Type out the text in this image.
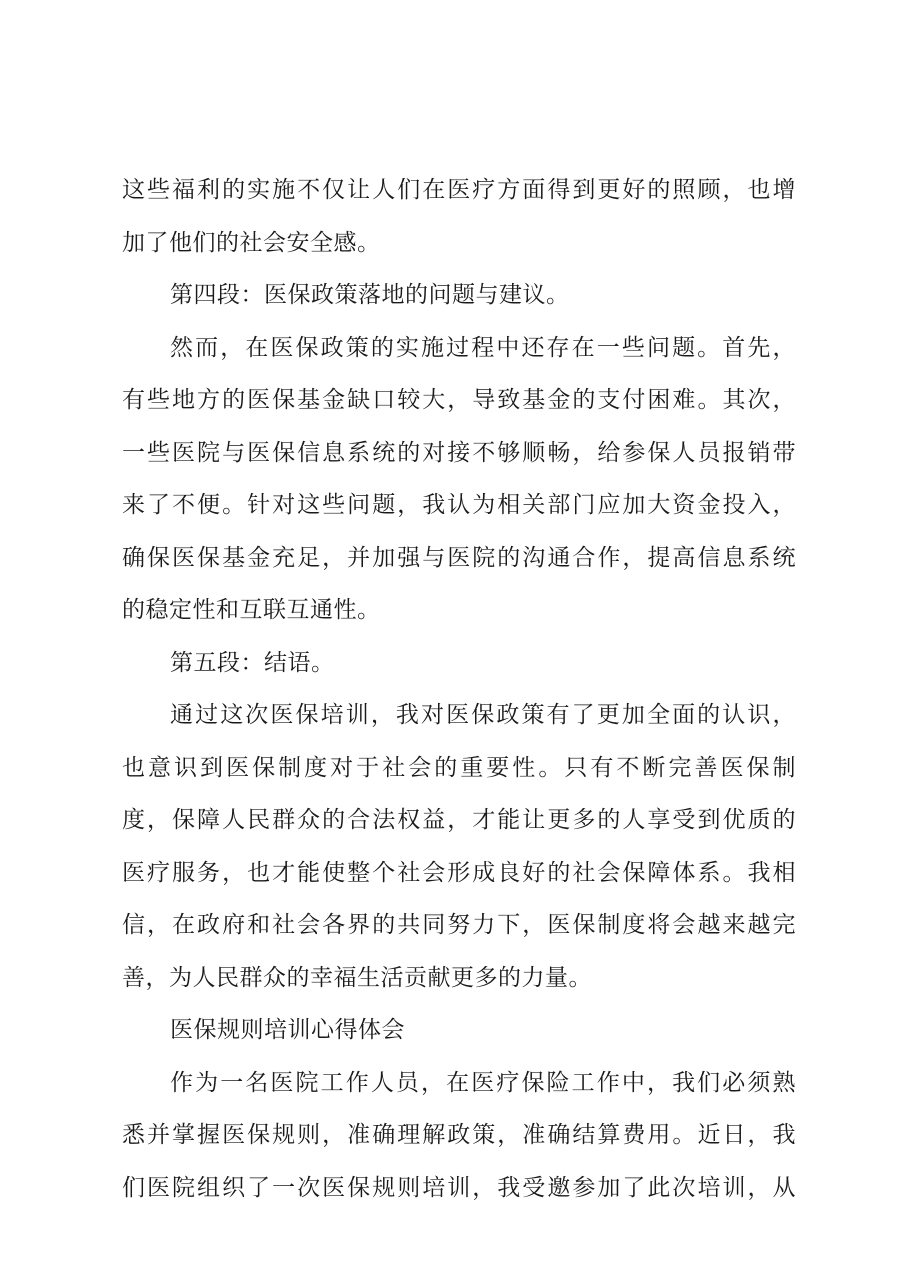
这些福利的实施不仅让人们在医疗方面得到更好的照顾，也增
加了他们的社会安全感。
第四段：医保政策落地的问题与建议。
然而，在医保政策的实施过程中还存在一些问题。首先，
有些地方的医保基金缺口较大，导致基金的支付困难。其次，
一些医院与医保信息系统的对接不够顺畅，给参保人员报销带
来了不便。针对这些问题，我认为相关部门应加大资金投入，
确保医保基金充足，并加强与医院的沟通合作，提高信息系统
的稳定性和互联互通性。
第五段：结语。
通过这次医保培训，我对医保政策有了更加全面的认识，
也意识到医保制度对于社会的重要性。只有不断完善医保制
度，保障人民群众的合法权益，才能让更多的人享受到优质的
医疗服务，也才能使整个社会形成良好的社会保障体系。我相
信，在政府和社会各界的共同努力下，医保制度将会越来越完
善，为人民群众的幸福生活贡献更多的力量。
医保规则培训心得体会
作为一名医院工作人员，在医疗保险工作中，我们必须熟
悉并掌握医保规则，准确理解政策，准确结算费用。近日，我
们医院组织了一次医保规则培训，我受邀参加了此次培训，从
